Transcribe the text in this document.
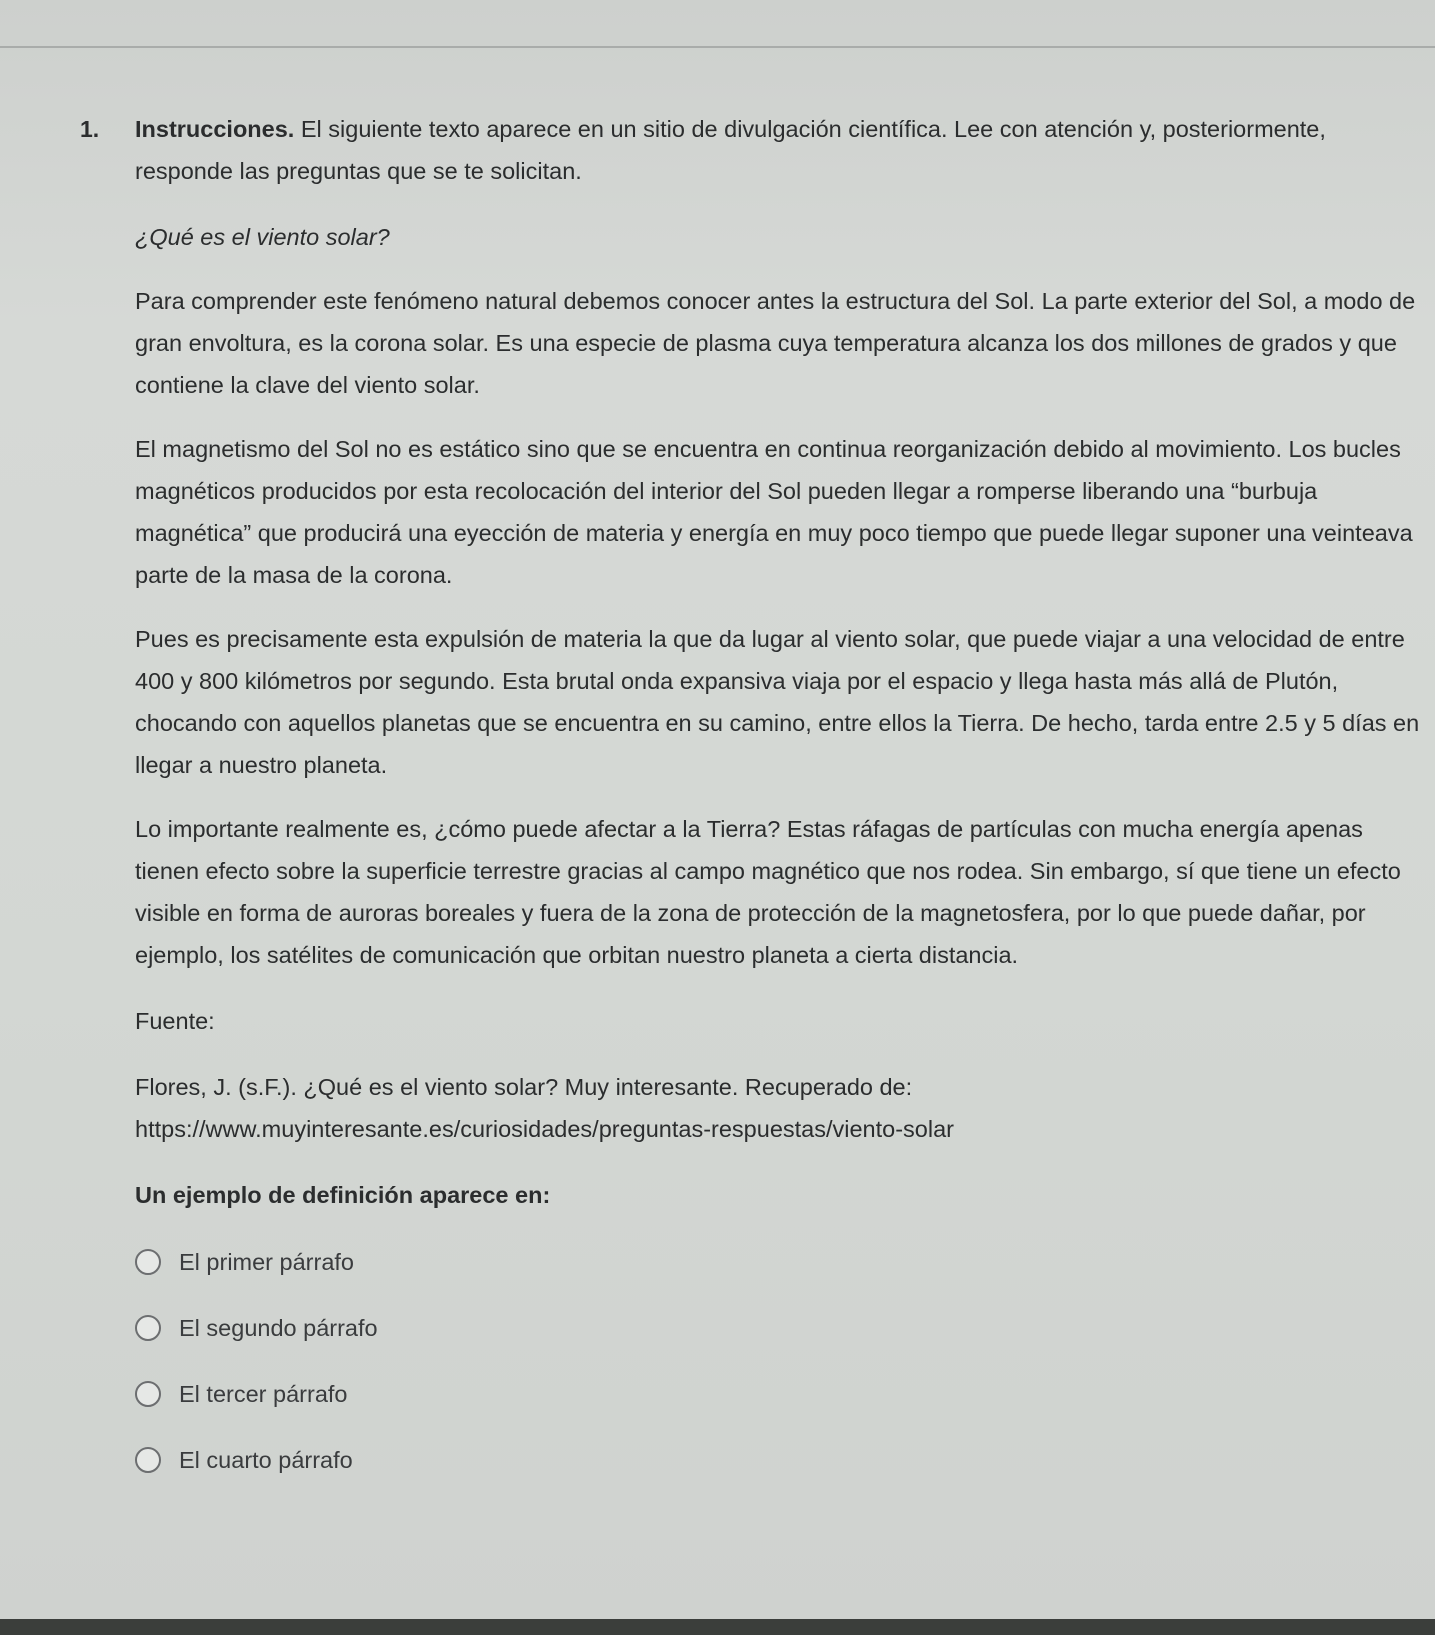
1. Instrucciones. El siguiente texto aparece en un sitio de divulgación científica. Lee con atención y, posteriormente, responde las preguntas que se te solicitan.

¿Qué es el viento solar?

Para comprender este fenómeno natural debemos conocer antes la estructura del Sol. La parte exterior del Sol, a modo de gran envoltura, es la corona solar. Es una especie de plasma cuya temperatura alcanza los dos millones de grados y que contiene la clave del viento solar.

El magnetismo del Sol no es estático sino que se encuentra en continua reorganización debido al movimiento. Los bucles magnéticos producidos por esta recolocación del interior del Sol pueden llegar a romperse liberando una “burbuja magnética” que producirá una eyección de materia y energía en muy poco tiempo que puede llegar suponer una veinteava parte de la masa de la corona.

Pues es precisamente esta expulsión de materia la que da lugar al viento solar, que puede viajar a una velocidad de entre 400 y 800 kilómetros por segundo. Esta brutal onda expansiva viaja por el espacio y llega hasta más allá de Plutón, chocando con aquellos planetas que se encuentra en su camino, entre ellos la Tierra. De hecho, tarda entre 2.5 y 5 días en llegar a nuestro planeta.

Lo importante realmente es, ¿cómo puede afectar a la Tierra? Estas ráfagas de partículas con mucha energía apenas tienen efecto sobre la superficie terrestre gracias al campo magnético que nos rodea. Sin embargo, sí que tiene un efecto visible en forma de auroras boreales y fuera de la zona de protección de la magnetosfera, por lo que puede dañar, por ejemplo, los satélites de comunicación que orbitan nuestro planeta a cierta distancia.

Fuente:

Flores, J. (s.F.). ¿Qué es el viento solar? Muy interesante. Recuperado de:
https://www.muyinteresante.es/curiosidades/preguntas-respuestas/viento-solar

Un ejemplo de definición aparece en:

El primer párrafo
El segundo párrafo
El tercer párrafo
El cuarto párrafo
